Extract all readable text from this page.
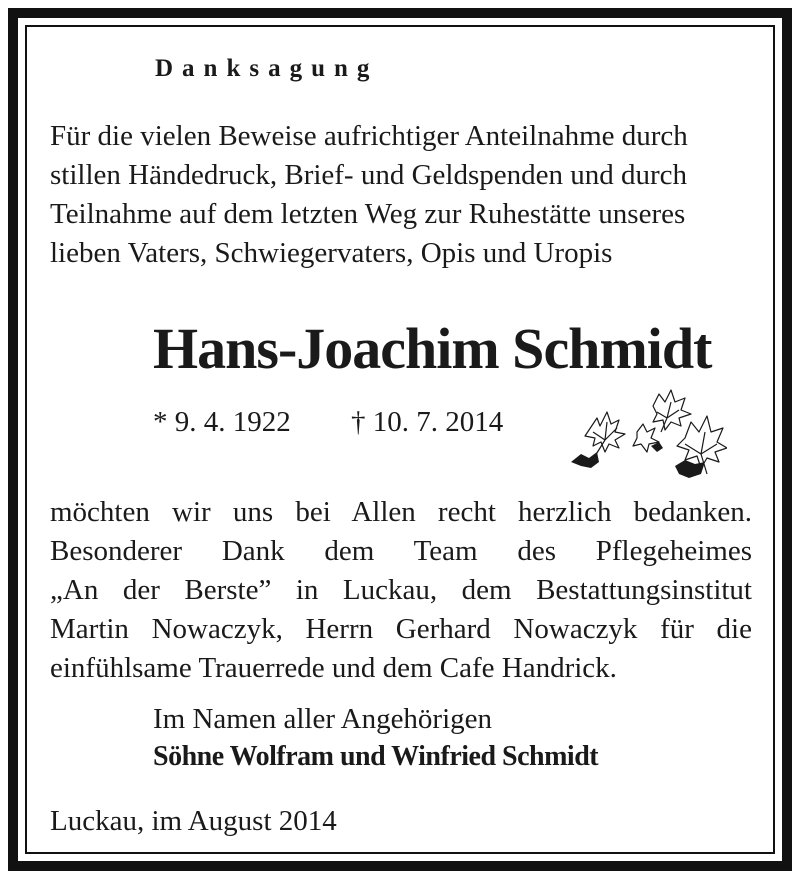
Danksagung

Für die vielen Beweise aufrichtiger Anteilnahme durch
stillen Händedruck, Brief- und Geldspenden und durch
Teilnahme auf dem letzten Weg zur Ruhestätte unseres
lieben Vaters, Schwiegervaters, Opis und Uropis

Hans-Joachim Schmidt
* 9. 4. 1922 † 10. 7. 2014

möchten wir uns bei Allen recht herzlich bedanken.
Besonderer Dank dem Team des Pflegeheimes
„An der Berste” in Luckau, dem Bestattungsinstitut
Martin Nowaczyk, Herrn Gerhard Nowaczyk für die
einfühlsame Trauerrede und dem Cafe Handrick.

Im Namen aller Angehörigen
Söhne Wolfram und Winfried Schmidt
Luckau, im August 2014
